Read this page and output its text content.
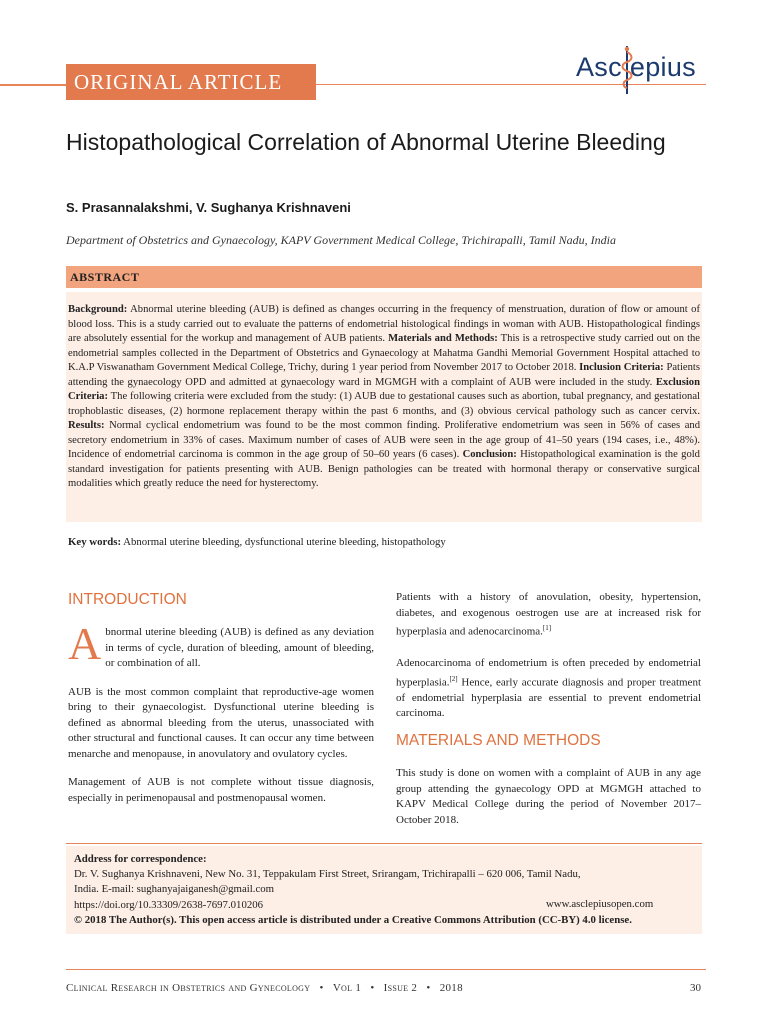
ORIGINAL ARTICLE	Asc epius
Histopathological Correlation of Abnormal Uterine Bleeding
S. Prasannalakshmi, V. Sughanya Krishnaveni
Department of Obstetrics and Gynaecology, KAPV Government Medical College, Trichirapalli, Tamil Nadu, India
ABSTRACT
Background: Abnormal uterine bleeding (AUB) is defined as changes occurring in the frequency of menstruation, duration of flow or amount of blood loss. This is a study carried out to evaluate the patterns of endometrial histological findings in woman with AUB. Histopathological findings are absolutely essential for the workup and management of AUB patients. Materials and Methods: This is a retrospective study carried out on the endometrial samples collected in the Department of Obstetrics and Gynaecology at Mahatma Gandhi Memorial Government Hospital attached to K.A.P Viswanatham Government Medical College, Trichy, during 1 year period from November 2017 to October 2018. Inclusion Criteria: Patients attending the gynaecology OPD and admitted at gynaecology ward in MGMGH with a complaint of AUB were included in the study. Exclusion Criteria: The following criteria were excluded from the study: (1) AUB due to gestational causes such as abortion, tubal pregnancy, and gestational trophoblastic diseases, (2) hormone replacement therapy within the past 6 months, and (3) obvious cervical pathology such as cancer cervix. Results: Normal cyclical endometrium was found to be the most common finding. Proliferative endometrium was seen in 56% of cases and secretory endometrium in 33% of cases. Maximum number of cases of AUB were seen in the age group of 41–50 years (194 cases, i.e., 48%). Incidence of endometrial carcinoma is common in the age group of 50–60 years (6 cases). Conclusion: Histopathological examination is the gold standard investigation for patients presenting with AUB. Benign pathologies can be treated with hormonal therapy or conservative surgical modalities which greatly reduce the need for hysterectomy.
Key words: Abnormal uterine bleeding, dysfunctional uterine bleeding, histopathology
INTRODUCTION

Abnormal uterine bleeding (AUB) is defined as any deviation in terms of cycle, duration of bleeding, amount of bleeding, or combination of all.

AUB is the most common complaint that reproductive-age women bring to their gynaecologist. Dysfunctional uterine bleeding is defined as abnormal bleeding from the uterus, unassociated with other structural and functional causes. It can occur any time between menarche and menopause, in anovulatory and ovulatory cycles.

Management of AUB is not complete without tissue diagnosis, especially in perimenopausal and postmenopausal women.

Patients with a history of anovulation, obesity, hypertension, diabetes, and exogenous oestrogen use are at increased risk for hyperplasia and adenocarcinoma.[1]

Adenocarcinoma of endometrium is often preceded by endometrial hyperplasia.[2] Hence, early accurate diagnosis and proper treatment of endometrial hyperplasia are essential to prevent endometrial carcinoma.

MATERIALS AND METHODS
This study is done on women with a complaint of AUB in any age group attending the gynaecology OPD at MGMGH attached to KAPV Medical College during the period of November 2017–October 2018.
Address for correspondence:
Dr. V. Sughanya Krishnaveni, New No. 31, Teppakulam First Street, Srirangam, Trichirapalli – 620 006, Tamil Nadu,
India. E-mail: sughanyajaiganesh@gmail.com
https://doi.org/10.33309/2638-7697.010206
© 2018 The Author(s). This open access article is distributed under a Creative Commons Attribution (CC-BY) 4.0 license.
www.asclepiusopen.com
Clinical Research in Obstetrics and Gynecology • Vol 1 • Issue 2 • 2018	30
